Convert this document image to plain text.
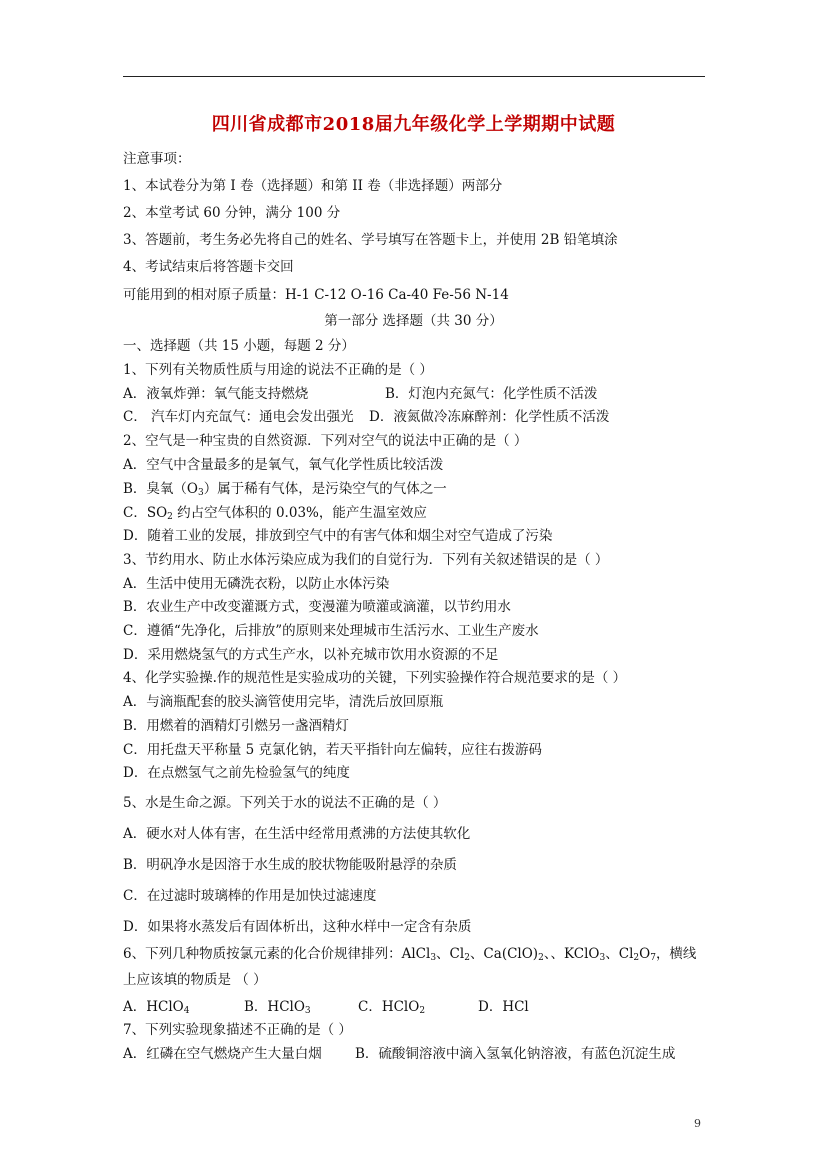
四川省成都市2018届九年级化学上学期期中试题
注意事项：
1、本试卷分为第 I 卷（选择题）和第 II 卷（非选择题）两部分
2、本堂考试 60 分钟，满分 100 分
3、答题前，考生务必先将自己的姓名、学号填写在答题卡上，并使用 2B 铅笔填涂
4、考试结束后将答题卡交回
可能用到的相对原子质量：H-1 C-12 O-16 Ca-40 Fe-56 N-14
第一部分 选择题（共 30 分）
一、选择题（共 15 小题，每题 2 分）
1、下列有关物质性质与用途的说法不正确的是（ ）
A．液氧炸弹：氧气能支持燃烧	B．灯泡内充氮气：化学性质不活泼
C． 汽车灯内充氙气：通电会发出强光 D．液氮做冷冻麻醉剂：化学性质不活泼
2、空气是一种宝贵的自然资源．下列对空气的说法中正确的是（ ）
A．空气中含量最多的是氧气，氧气化学性质比较活泼
B．臭氧$(O_3)$属于稀有气体，是污染空气的气体之一
C．$SO_2$ 约占空气体积的 0.03%，能产生温室效应
D．随着工业的发展，排放到空气中的有害气体和烟尘对空气造成了污染
3、节约用水、防止水体污染应成为我们的自觉行为．下列有关叙述错误的是（ ）
A．生活中使用无磷洗衣粉，以防止水体污染
B．农业生产中改变灌溉方式，变漫灌为喷灌或滴灌，以节约用水
C．遵循“先净化，后排放”的原则来处理城市生活污水、工业生产废水
D．采用燃烧氢气的方式生产水，以补充城市饮用水资源的不足
4、化学实验操.作的规范性是实验成功的关键，下列实验操作符合规范要求的是（ ）
A．与滴瓶配套的胶头滴管使用完毕，清洗后放回原瓶
B．用燃着的酒精灯引燃另一盏酒精灯
C．用托盘天平称量 5 克氯化钠，若天平指针向左偏转，应往右拨游码
D．在点燃氢气之前先检验氢气的纯度
5、水是生命之源。下列关于水的说法不正确的是（ ）
A．硬水对人体有害，在生活中经常用煮沸的方法使其软化
B．明矾净水是因溶于水生成的胶状物能吸附悬浮的杂质
C．在过滤时玻璃棒的作用是加快过滤速度
D．如果将水蒸发后有固体析出，这种水样中一定含有杂质
6、下列几种物质按氯元素的化合价规律排列：AlCl$_3$、$Cl_2$、$Ca(ClO)_2$、、KClO$_3$、$Cl_2O_7$，横线
上应该填的物质是 （ ）
A．HClO$_4$	B．HClO$_3$	C．HClO$_2$	D．HCl
7、下列实验现象描述不正确的是（ ）
A．红磷在空气燃烧产生大量白烟 B．硫酸铜溶液中滴入氢氧化钠溶液，有蓝色沉淀生成
9
